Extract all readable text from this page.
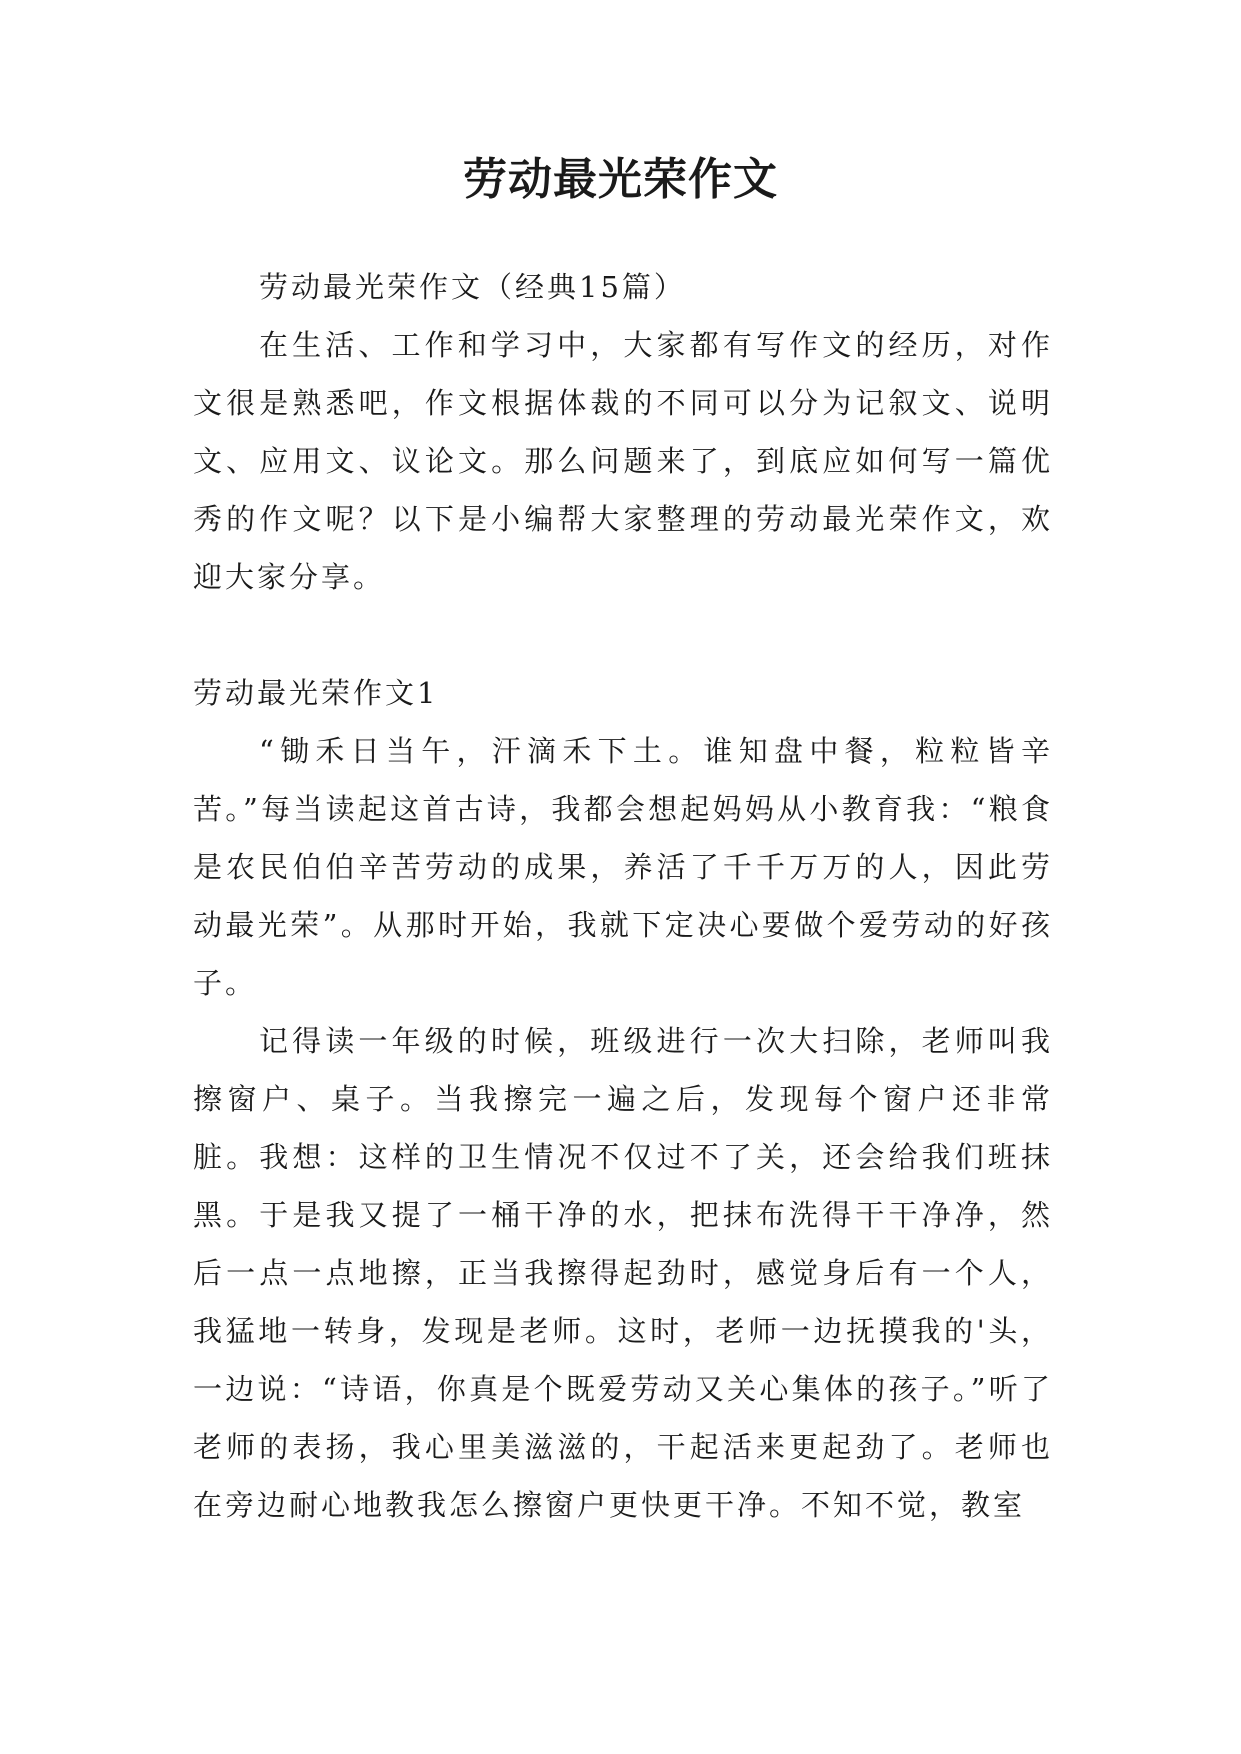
劳动最光荣作文

劳动最光荣作文（经典15篇）

在生活、工作和学习中，大家都有写作文的经历，对作文很是熟悉吧，作文根据体裁的不同可以分为记叙文、说明文、应用文、议论文。那么问题来了，到底应如何写一篇优秀的作文呢？以下是小编帮大家整理的劳动最光荣作文，欢迎大家分享。

劳动最光荣作文1

“锄禾日当午，汗滴禾下土。谁知盘中餐，粒粒皆辛苦。”每当读起这首古诗，我都会想起妈妈从小教育我：“粮食是农民伯伯辛苦劳动的成果，养活了千千万万的人，因此劳动最光荣”。从那时开始，我就下定决心要做个爱劳动的好孩子。

记得读一年级的时候，班级进行一次大扫除，老师叫我擦窗户、桌子。当我擦完一遍之后，发现每个窗户还非常脏。我想：这样的卫生情况不仅过不了关，还会给我们班抹黑。于是我又提了一桶干净的水，把抹布洗得干干净净，然后一点一点地擦，正当我擦得起劲时，感觉身后有一个人，我猛地一转身，发现是老师。这时，老师一边抚摸我的'头，一边说：“诗语，你真是个既爱劳动又关心集体的孩子。”听了老师的表扬，我心里美滋滋的，干起活来更起劲了。老师也在旁边耐心地教我怎么擦窗户更快更干净。不知不觉，教室
